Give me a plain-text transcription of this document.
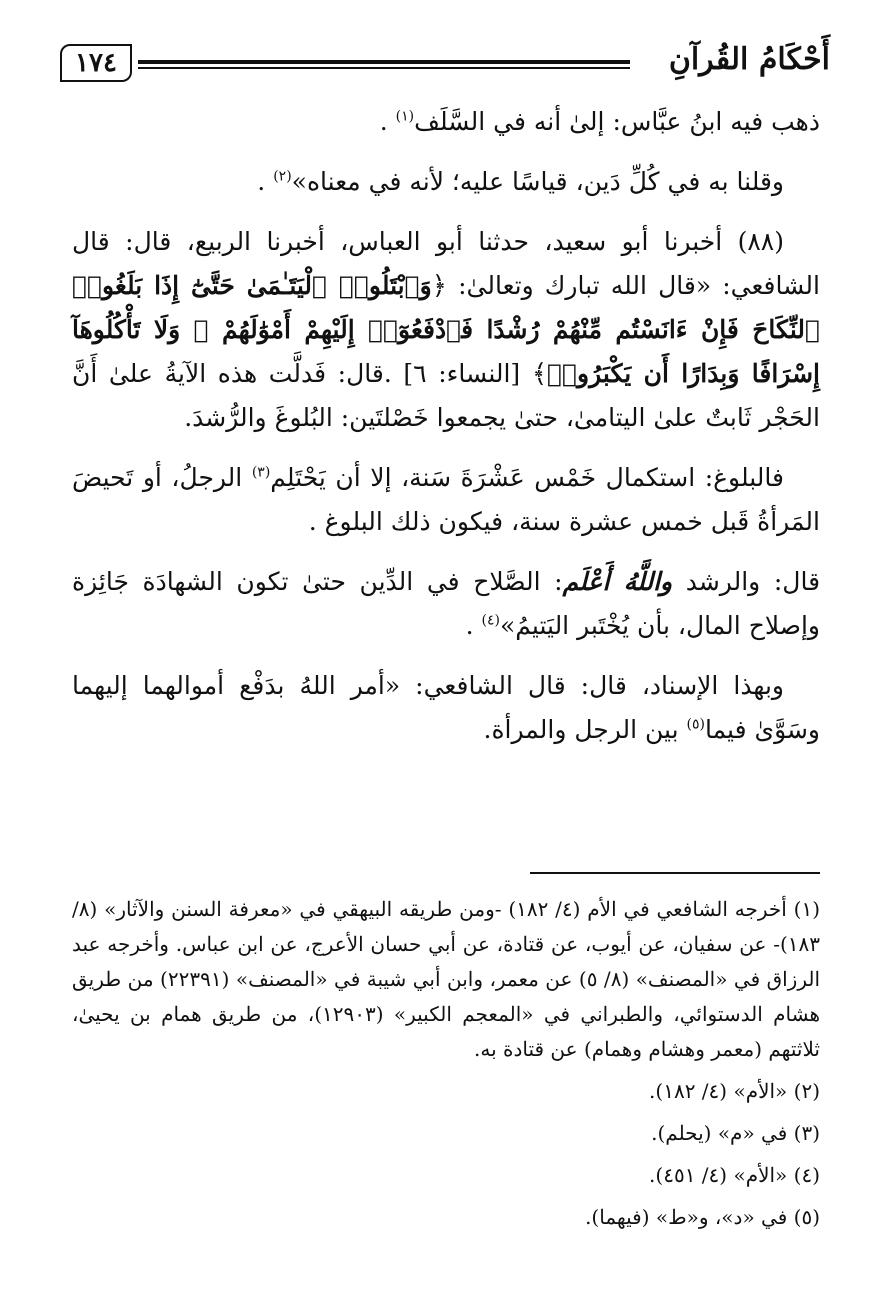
أَحْكَامُ القُرآنِ
١٧٤

ذهب فيه ابنُ عبَّاس: إلىٰ أنه في السَّلَف$^{(١)}$ .

وقلنا به في كُلِّ دَين، قياسًا عليه؛ لأنه في معناه»$^{(٢)}$ .

(٨٨) أخبرنا أبو سعيد، حدثنا أبو العباس، أخبرنا الربيع، قال: قال الشافعي: «قال الله تبارك وتعالىٰ: ﴿وَٱبْتَلُوا۟ ٱلْيَتَـٰمَىٰ حَتَّىٰٓ إِذَا بَلَغُوا۟ ٱلنِّكَاحَ فَإِنْ ءَانَسْتُم مِّنْهُمْ رُشْدًا فَٱدْفَعُوٓا۟ إِلَيْهِمْ أَمْوَٰلَهُمْ ۖ وَلَا تَأْكُلُوهَآ إِسْرَافًا وَبِدَارًا أَن يَكْبَرُوا۟﴾ [النساء: ٦] .قال: فَدلَّت هذه الآيةُ علىٰ أَنَّ الحَجْر ثَابتٌ علىٰ اليتامىٰ، حتىٰ يجمعوا خَصْلتَين: البُلوغَ والرُّشدَ.

فالبلوغ: استكمال خَمْس عَشْرَةَ سَنة، إلا أن يَحْتَلِم$^{(٣)}$ الرجلُ، أو تَحيضَ المَرأةُ قَبل خمس عشرة سنة، فيكون ذلك البلوغ .

قال: والرشد واللَّهُ أَعْلَم: الصَّلاح في الدِّين حتىٰ تكون الشهادَة جَائِزة وإصلاح المال، بأن يُخْتَبر اليَتيمُ»$^{(٤)}$ .

وبهذا الإسناد، قال: قال الشافعي: «أمر اللهُ بدَفْع أموالهما إليهما وسَوَّىٰ فيما$^{(٥)}$ بين الرجل والمرأة.

(١) أخرجه الشافعي في الأم (٤/ ١٨٢) -ومن طريقه البيهقي في «معرفة السنن والآثار» (٨/ ١٨٣)- عن سفيان، عن أيوب، عن قتادة، عن أبي حسان الأعرج، عن ابن عباس. وأخرجه عبد الرزاق في «المصنف» (٨/ ٥) عن معمر، وابن أبي شيبة في «المصنف» (٢٢٣٩١) من طريق هشام الدستوائي، والطبراني في «المعجم الكبير» (١٢٩٠٣)، من طريق همام بن يحيىٰ، ثلاثتهم (معمر وهشام وهمام) عن قتادة به.

(٢) «الأم» (٤/ ١٨٢).

(٣) في «م» (يحلم).

(٤) «الأم» (٤/ ٤٥١).

(٥) في «د»، و«ط» (فيهما).
